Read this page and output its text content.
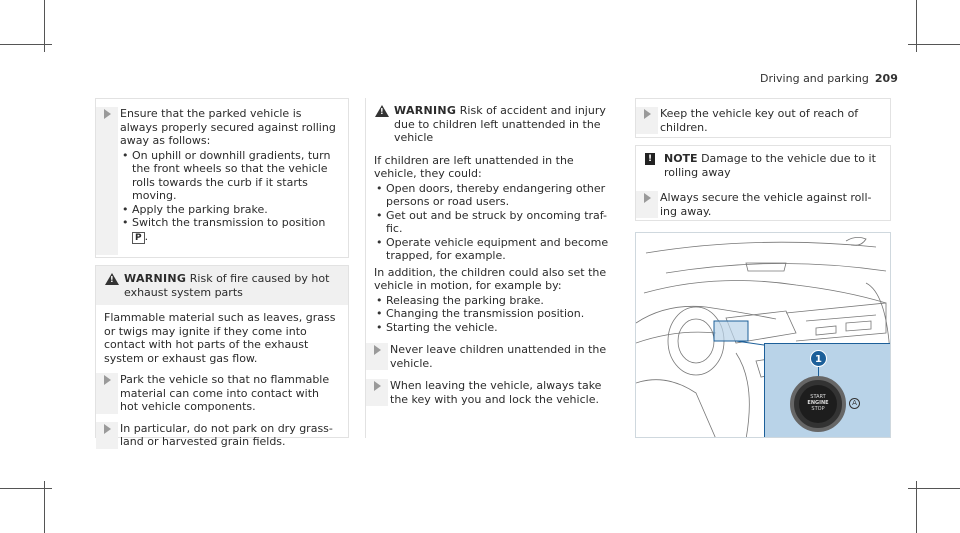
Driving and parking 209
Ensure that the parked vehicle is always properly secured against rolling away as follows:
• On uphill or downhill gradients, turn the front wheels so that the vehicle rolls towards the curb if it starts moving.
• Apply the parking brake.
• Switch the transmission to position
P .
!
WARNING Risk of fire caused by hot exhaust system parts
Flammable material such as leaves, grass or twigs may ignite if they come into contact with hot parts of the exhaust system or exhaust gas flow.
Park the vehicle so that no flammable material can come into contact with hot vehicle components.
In particular, do not park on dry grass-land or harvested grain fields.
!
WARNING Risk of accident and injury due to children left unattended in the vehicle
If children are left unattended in the vehicle, they could:
• Open doors, thereby endangering other persons or road users.
• Get out and be struck by oncoming traf-fic.
• Operate vehicle equipment and become trapped, for example.
In addition, the children could also set the vehicle in motion, for example by:
• Releasing the parking brake.
• Changing the transmission position.
• Starting the vehicle.
Never leave children unattended in the vehicle.
When leaving the vehicle, always take the key with you and lock the vehicle.
Keep the vehicle key out of reach of children.
! NOTE Damage to the vehicle due to it rolling away
Always secure the vehicle against roll-ing away.
1
START
ENGINE
STOP
A
